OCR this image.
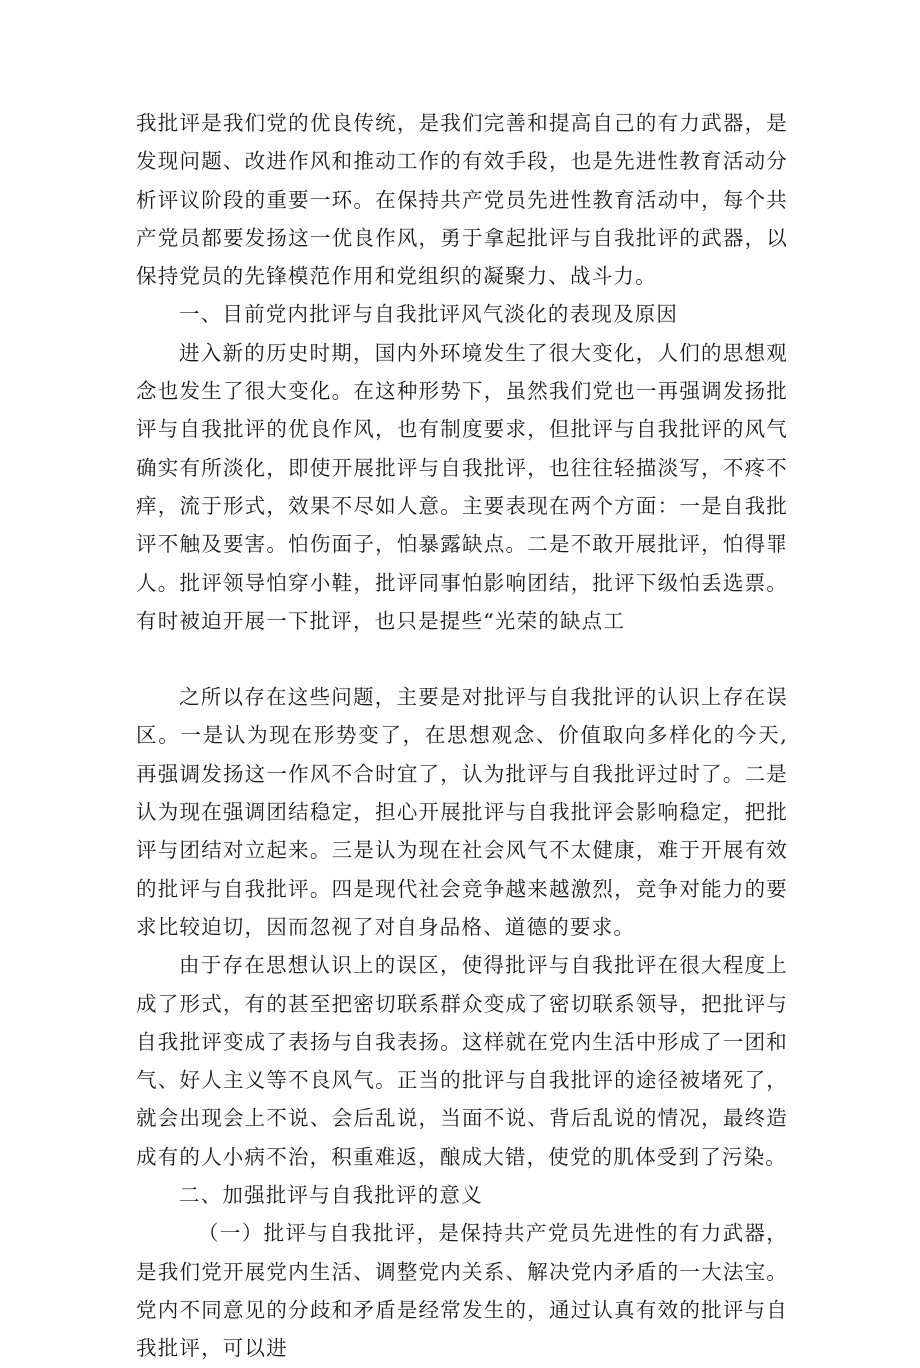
我批评是我们党的优良传统，是我们完善和提高自己的有力武器，是发现问题、改进作风和推动工作的有效手段，也是先进性教育活动分析评议阶段的重要一环。在保持共产党员先进性教育活动中，每个共产党员都要发扬这一优良作风，勇于拿起批评与自我批评的武器，以保持党员的先锋模范作用和党组织的凝聚力、战斗力。

一、目前党内批评与自我批评风气淡化的表现及原因

进入新的历史时期，国内外环境发生了很大变化，人们的思想观念也发生了很大变化。在这种形势下，虽然我们党也一再强调发扬批评与自我批评的优良作风，也有制度要求，但批评与自我批评的风气确实有所淡化，即使开展批评与自我批评，也往往轻描淡写，不疼不痒，流于形式，效果不尽如人意。主要表现在两个方面：一是自我批评不触及要害。怕伤面子，怕暴露缺点。二是不敢开展批评，怕得罪人。批评领导怕穿小鞋，批评同事怕影响团结，批评下级怕丢选票。有时被迫开展一下批评，也只是提些“光荣的缺点工

之所以存在这些问题，主要是对批评与自我批评的认识上存在误区。一是认为现在形势变了，在思想观念、价值取向多样化的今天,再强调发扬这一作风不合时宜了，认为批评与自我批评过时了。二是认为现在强调团结稳定，担心开展批评与自我批评会影响稳定，把批评与团结对立起来。三是认为现在社会风气不太健康，难于开展有效的批评与自我批评。四是现代社会竞争越来越激烈，竞争对能力的要求比较迫切，因而忽视了对自身品格、道德的要求。

由于存在思想认识上的误区，使得批评与自我批评在很大程度上成了形式，有的甚至把密切联系群众变成了密切联系领导，把批评与自我批评变成了表扬与自我表扬。这样就在党内生活中形成了一团和气、好人主义等不良风气。正当的批评与自我批评的途径被堵死了，就会出现会上不说、会后乱说，当面不说、背后乱说的情况，最终造成有的人小病不治，积重难返，酿成大错，使党的肌体受到了污染。

二、加强批评与自我批评的意义

（一）批评与自我批评，是保持共产党员先进性的有力武器，是我们党开展党内生活、调整党内关系、解决党内矛盾的一大法宝。党内不同意见的分歧和矛盾是经常发生的，通过认真有效的批评与自我批评，可以进
